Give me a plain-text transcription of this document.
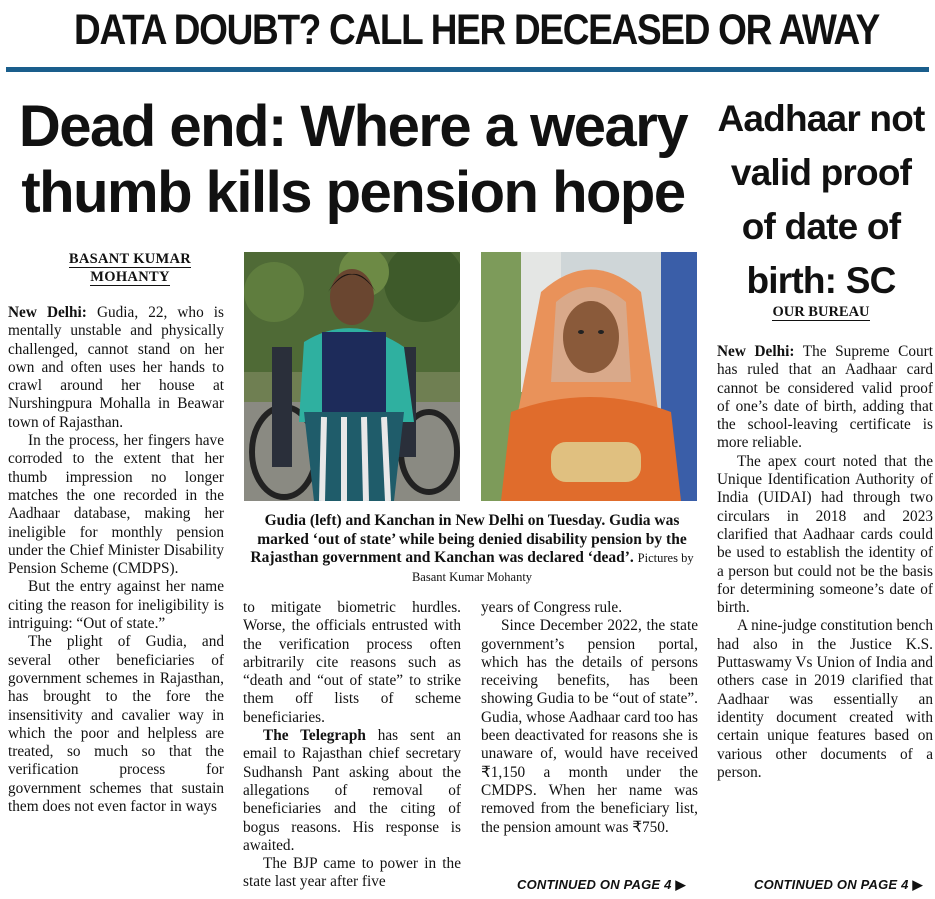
DATA DOUBT? CALL HER DECEASED OR AWAY
Dead end: Where a weary thumb kills pension hope
BASANT KUMAR
MOHANTY

New Delhi: Gudia, 22, who is mentally unstable and physically challenged, cannot stand on her own and often uses her hands to crawl around her house at Nurshingpura Mohalla in Beawar town of Rajasthan.

In the process, her fingers have corroded to the extent that her thumb impression no longer matches the one recorded in the Aadhaar database, making her ineligible for monthly pension under the Chief Minister Disability Pension Scheme (CMDPS).

But the entry against her name citing the reason for ineligibility is intriguing: “Out of state.”

The plight of Gudia, and several other beneficiaries of government schemes in Rajasthan, has brought to the fore the insensitivity and cavalier way in which the poor and helpless are treated, so much so that the verification process for government schemes that sustain them does not even factor in ways

Gudia (left) and Kanchan in New Delhi on Tuesday. Gudia was marked ‘out of state’ while being denied disability pension by the Rajasthan government and Kanchan was declared ‘dead’. Pictures by Basant Kumar Mohanty

to mitigate biometric hurdles. Worse, the officials entrusted with the verification process often arbitrarily cite reasons such as “death and “out of state” to strike them off lists of scheme beneficiaries.

The Telegraph has sent an email to Rajasthan chief secretary Sudhansh Pant asking about the allegations of removal of beneficiaries and the citing of bogus reasons. His response is awaited.

The BJP came to power in the state last year after five

years of Congress rule.

Since December 2022, the state government’s pension portal, which has the details of persons receiving benefits, has been showing Gudia to be “out of state”. Gudia, whose Aadhaar card too has been deactivated for reasons she is unaware of, would have received ₹1,150 a month under the CMDPS. When her name was removed from the beneficiary list, the pension amount was ₹750.

CONTINUED ON PAGE 4 ▶
Aadhaar not valid proof of date of birth: SC
OUR BUREAU

New Delhi: The Supreme Court has ruled that an Aadhaar card cannot be considered valid proof of one’s date of birth, adding that the school-leaving certificate is more reliable.

The apex court noted that the Unique Identification Authority of India (UIDAI) had through two circulars in 2018 and 2023 clarified that Aadhaar cards could be used to establish the identity of a person but could not be the basis for determining someone’s date of birth.

A nine-judge constitution bench had also in the Justice K.S. Puttaswamy Vs Union of India and others case in 2019 clarified that Aadhaar was essentially an identity document created with certain unique features based on various other documents of a person.

CONTINUED ON PAGE 4 ▶
